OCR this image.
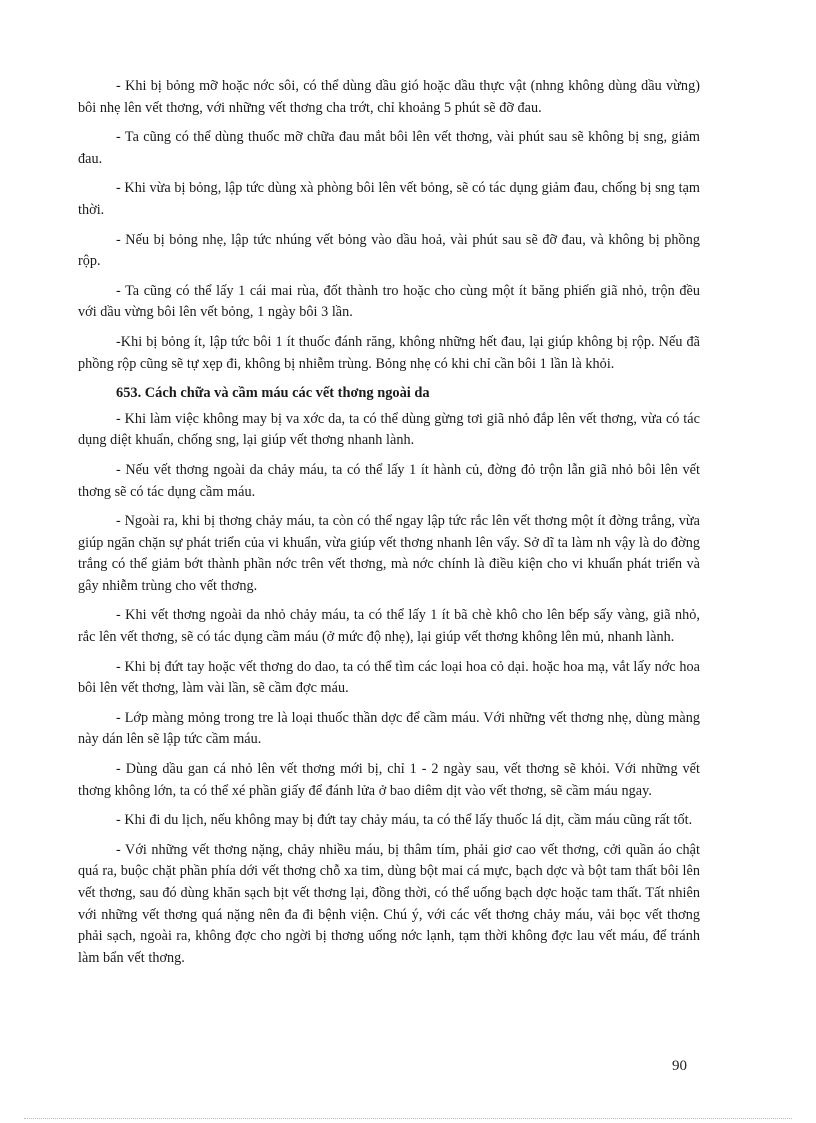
- Khi bị bỏng mỡ hoặc nớc sôi, có thể dùng dầu gió hoặc dầu thực vật (nhng không dùng dầu vừng) bôi nhẹ lên vết thơng, với những vết thơng cha trớt, chỉ khoảng 5 phút sẽ đỡ đau.

- Ta cũng có thể dùng thuốc mỡ chữa đau mắt bôi lên vết thơng, vài phút sau sẽ không bị sng, giảm đau.

- Khi vừa bị bỏng, lập tức dùng xà phòng bôi lên vết bỏng, sẽ có tác dụng giảm đau, chống bị sng tạm thời.

- Nếu bị bỏng nhẹ, lập tức nhúng vết bỏng vào dầu hoả, vài phút sau sẽ đỡ đau, và không bị phồng rộp.

- Ta cũng có thể lấy 1 cái mai rùa, đốt thành tro hoặc cho cùng một ít băng phiến giã nhỏ, trộn đều với dầu vừng bôi lên vết bỏng, 1 ngày bôi 3 lần.

-Khi bị bỏng ít, lập tức bôi 1 ít thuốc đánh răng, không những hết đau, lại giúp không bị rộp. Nếu đã phồng rộp cũng sẽ tự xẹp đi, không bị nhiễm trùng. Bỏng nhẹ có khi chỉ cần bôi 1 lần là khỏi.

653. Cách chữa và cầm máu các vết thơng ngoài da

- Khi làm việc không may bị va xớc da, ta có thể dùng gừng tơi giã nhỏ đắp lên vết thơng, vừa có tác dụng diệt khuẩn, chống sng, lại giúp vết thơng nhanh lành.

- Nếu vết thơng ngoài da chảy máu, ta có thể lấy 1 ít hành củ, đờng đỏ trộn lẫn giã nhỏ bôi lên vết thơng sẽ có tác dụng cầm máu.

- Ngoài ra, khi bị thơng chảy máu, ta còn có thể ngay lập tức rắc lên vết thơng một ít đờng trắng, vừa giúp ngăn chặn sự phát triển của vi khuẩn, vừa giúp vết thơng nhanh lên vẩy. Sở dĩ ta làm nh vậy là do đờng trắng có thể giảm bớt thành phần nớc trên vết thơng, mà nớc chính là điều kiện cho vi khuẩn phát triển và gây nhiễm trùng cho vết thơng.

- Khi vết thơng ngoài da nhỏ chảy máu, ta có thể lấy 1 ít bã chè khô cho lên bếp sấy vàng, giã nhỏ, rắc lên vết thơng, sẽ có tác dụng cầm máu (ở mức độ nhẹ), lại giúp vết thơng không lên mủ, nhanh lành.

- Khi bị đứt tay hoặc vết thơng do dao, ta có thể tìm các loại hoa cỏ dại. hoặc hoa mạ, vắt lấy nớc hoa bôi lên vết thơng, làm vài lần, sẽ cầm đợc máu.

- Lớp màng mỏng trong tre là loại thuốc thần dợc để cầm máu. Với những vết thơng nhẹ, dùng màng này dán lên sẽ lập tức cầm máu.

- Dùng dầu gan cá nhỏ lên vết thơng mới bị, chỉ 1 - 2 ngày sau, vết thơng sẽ khỏi. Với những vết thơng không lớn, ta có thể xé phần giấy để đánh lửa ở bao diêm dịt vào vết thơng, sẽ cầm máu ngay.

- Khi đi du lịch, nếu không may bị đứt tay chảy máu, ta có thể lấy thuốc lá dịt, cầm máu cũng rất tốt.

- Với những vết thơng nặng, chảy nhiều máu, bị thâm tím, phải giơ cao vết thơng, cởi quần áo chật quá ra, buộc chặt phần phía dới vết thơng chỗ xa tim, dùng bột mai cá mực, bạch dợc và bột tam thất bôi lên vết thơng, sau đó dùng khăn sạch bịt vết thơng lại, đồng thời, có thể uống bạch dợc hoặc tam thất. Tất nhiên với những vết thơng quá nặng nên đa đi bệnh viện. Chú ý, với các vết thơng chảy máu, vải bọc vết thơng phải sạch, ngoài ra, không đợc cho ngời bị thơng uống nớc lạnh, tạm thời không đợc lau vết máu, để tránh làm bẩn vết thơng.

90
